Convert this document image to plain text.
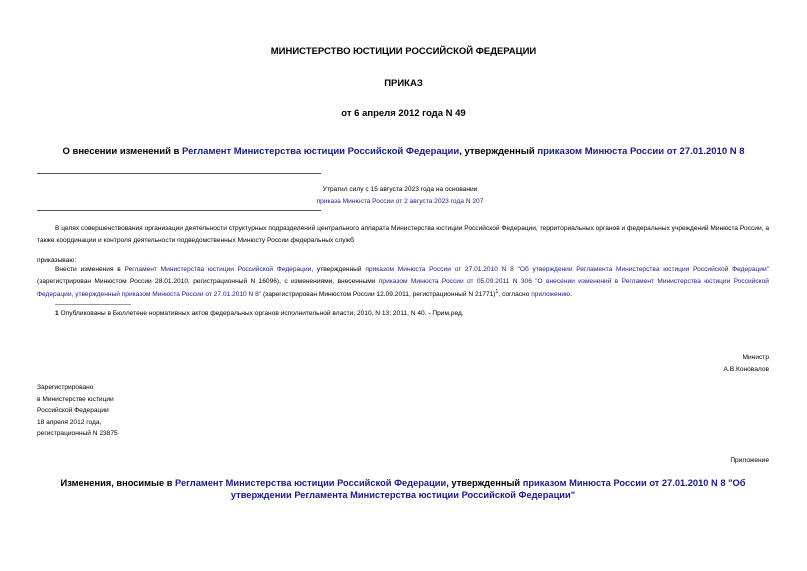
МИНИСТЕРСТВО ЮСТИЦИИ РОССИЙСКОЙ ФЕДЕРАЦИИ
ПРИКАЗ
от 6 апреля 2012 года N 49
О внесении изменений в Регламент Министерства юстиции Российской Федерации, утвержденный приказом Минюста России от 27.01.2010 N 8
Утратил силу с 15 августа 2023 года на основании
приказа Минюста России от 2 августа 2023 года N 207
В целях совершенствования организации деятельности структурных подразделений центрального аппарата Министерства юстиции Российской Федерации, территориальных органов и федеральных учреждений Минюста России, а также координации и контроля деятельности подведомственных Минюсту России федеральных служб
приказываю:
Внести изменения в Регламент Министерства юстиции Российской Федерации, утвержденный приказом Минюста России от 27.01.2010 N 8 "Об утверждении Регламента Министерства юстиции Российской Федерации" (зарегистрирован Минюстом России 28.01.2010, регистрационный N 16096), с изменениями, внесенными приказом Минюста России от 05.09.2011 N 306 "О внесении изменений в Регламент Министерства юстиции Российской Федерации, утвержденный приказом Минюста России от 27.01.2010 N 8" (зарегистрирован Минюстом России 12.09.2011, регистрационный N 21771)$^1$, согласно приложению.
1 Опубликованы в Бюллетене нормативных актов федеральных органов исполнительной власти, 2010, N 13; 2011, N 40. - Прим.ред.
Министр
А.В.Коновалов
Зарегистрировано
в Министерстве юстиции
Российской Федерации
18 апреля 2012 года,
регистрационный N 23875
Приложение
Изменения, вносимые в Регламент Министерства юстиции Российской Федерации, утвержденный приказом Минюста России от 27.01.2010 N 8 "Об утверждении Регламента Министерства юстиции Российской Федерации"
